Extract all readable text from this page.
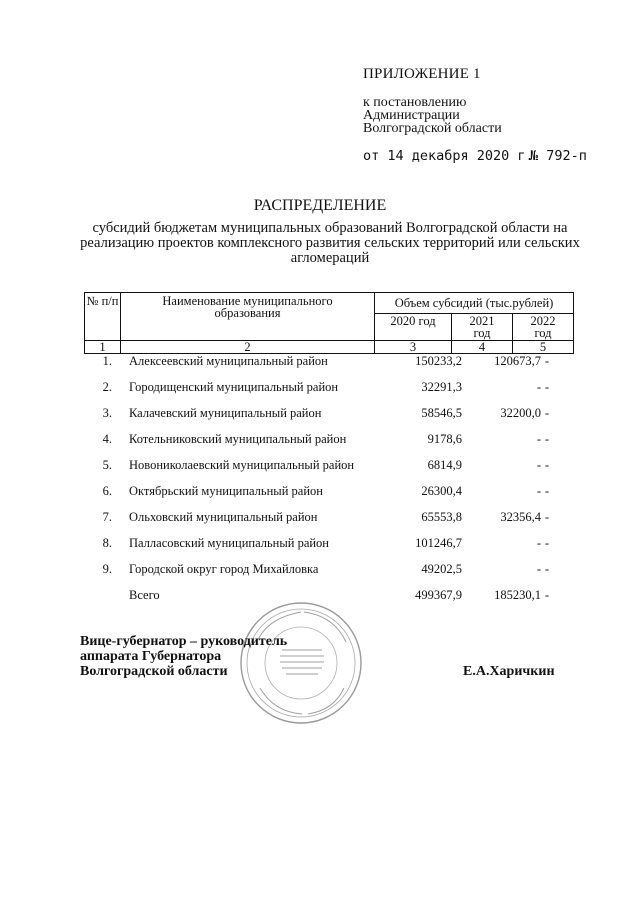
ПРИЛОЖЕНИЕ 1
к постановлению
Администрации
Волгоградской области
от 14 декабря 2020 г.
№ 792-п
РАСПРЕДЕЛЕНИЕ
субсидий бюджетам муниципальных образований Волгоградской области на реализацию проектов комплексного развития сельских территорий или сельских агломераций
№ п/п	Наименование муниципального образования	Объем субсидий (тыс.рублей)		
		2020 год	2021 год	2022 год
1	2	3	4	5
1. Алексеевский муниципальный район	150233,2	120673,7 -
2. Городищенский муниципальный район	32291,3	- -
3. Калачевский муниципальный район	58546,5	32200,0 -
4. Котельниковский муниципальный район	9178,6	- -
5. Новониколаевский муниципальный район	6814,9	- -
6. Октябрьский муниципальный район	26300,4	- -
7. Ольховский муниципальный район	65553,8	32356,4 -
8. Палласовский муниципальный район	101246,7	- -
9. Городской округ город Михайловка	49202,5	- -
Всего	499367,9	185230,1 -
Вице-губернатор – руководитель
аппарата Губернатора
Волгоградской области	Е.А.Харичкин
